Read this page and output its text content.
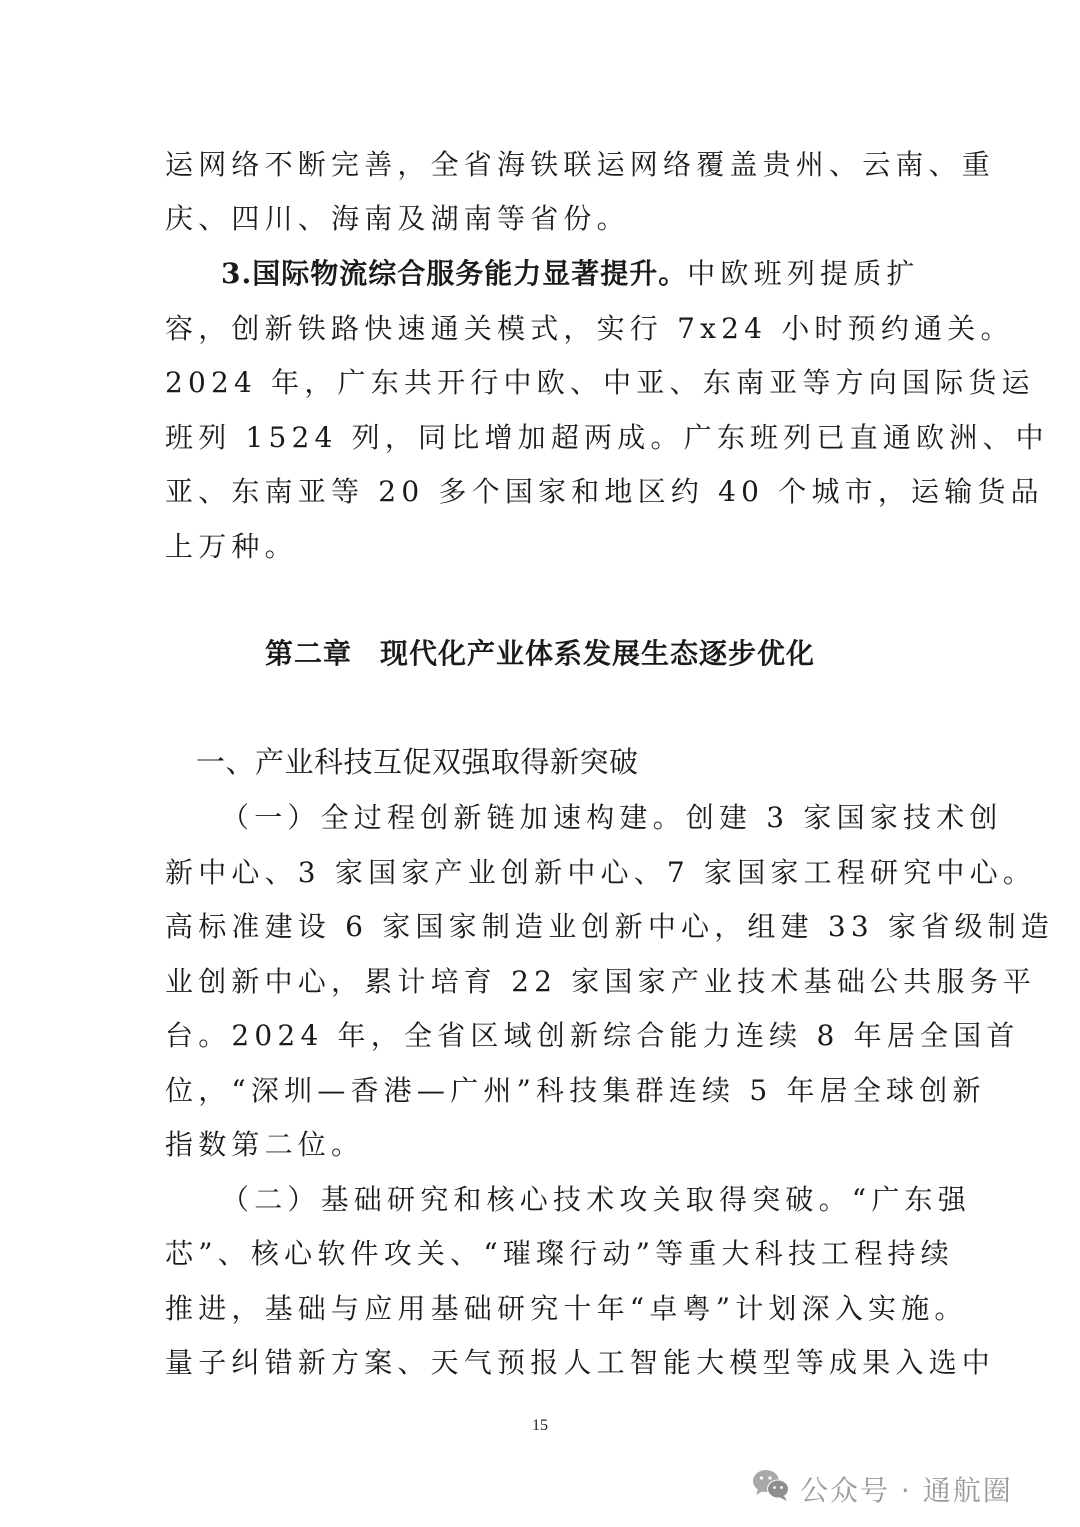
运网络不断完善，全省海铁联运网络覆盖贵州、云南、重
庆、四川、海南及湖南等省份。
3.国际物流综合服务能力显著提升。中欧班列提质扩
容，创新铁路快速通关模式，实行 7x24 小时预约通关。
2024 年，广东共开行中欧、中亚、东南亚等方向国际货运
班列 1524 列，同比增加超两成。广东班列已直通欧洲、中
亚、东南亚等 20 多个国家和地区约 40 个城市，运输货品
上万种。
第二章 现代化产业体系发展生态逐步优化
一、产业科技互促双强取得新突破
（一）全过程创新链加速构建。创建 3 家国家技术创
新中心、3 家国家产业创新中心、7 家国家工程研究中心。
高标准建设 6 家国家制造业创新中心，组建 33 家省级制造
业创新中心，累计培育 22 家国家产业技术基础公共服务平
台。2024 年，全省区域创新综合能力连续 8 年居全国首
位，“深圳—香港—广州”科技集群连续 5 年居全球创新
指数第二位。
（二）基础研究和核心技术攻关取得突破。“广东强
芯”、核心软件攻关、“璀璨行动”等重大科技工程持续
推进，基础与应用基础研究十年“卓粤”计划深入实施。
量子纠错新方案、天气预报人工智能大模型等成果入选中
15
公众号 · 通航圈
